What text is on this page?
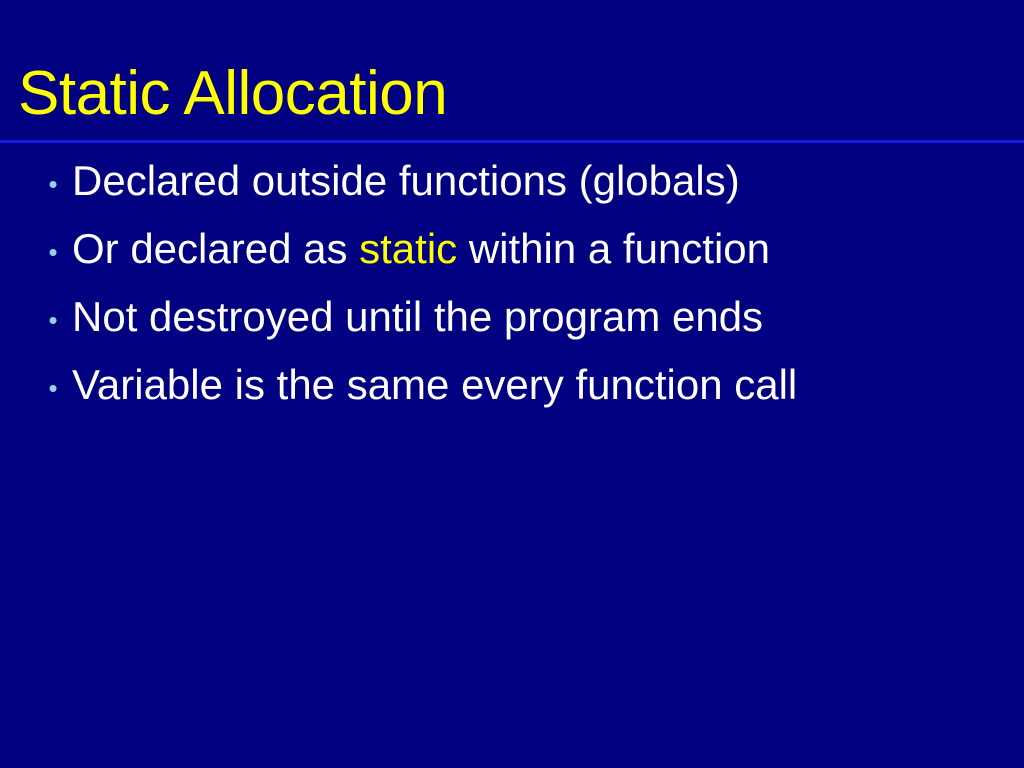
Static Allocation
• Declared outside functions (globals)
• Or declared as static within a function
• Not destroyed until the program ends
• Variable is the same every function call
